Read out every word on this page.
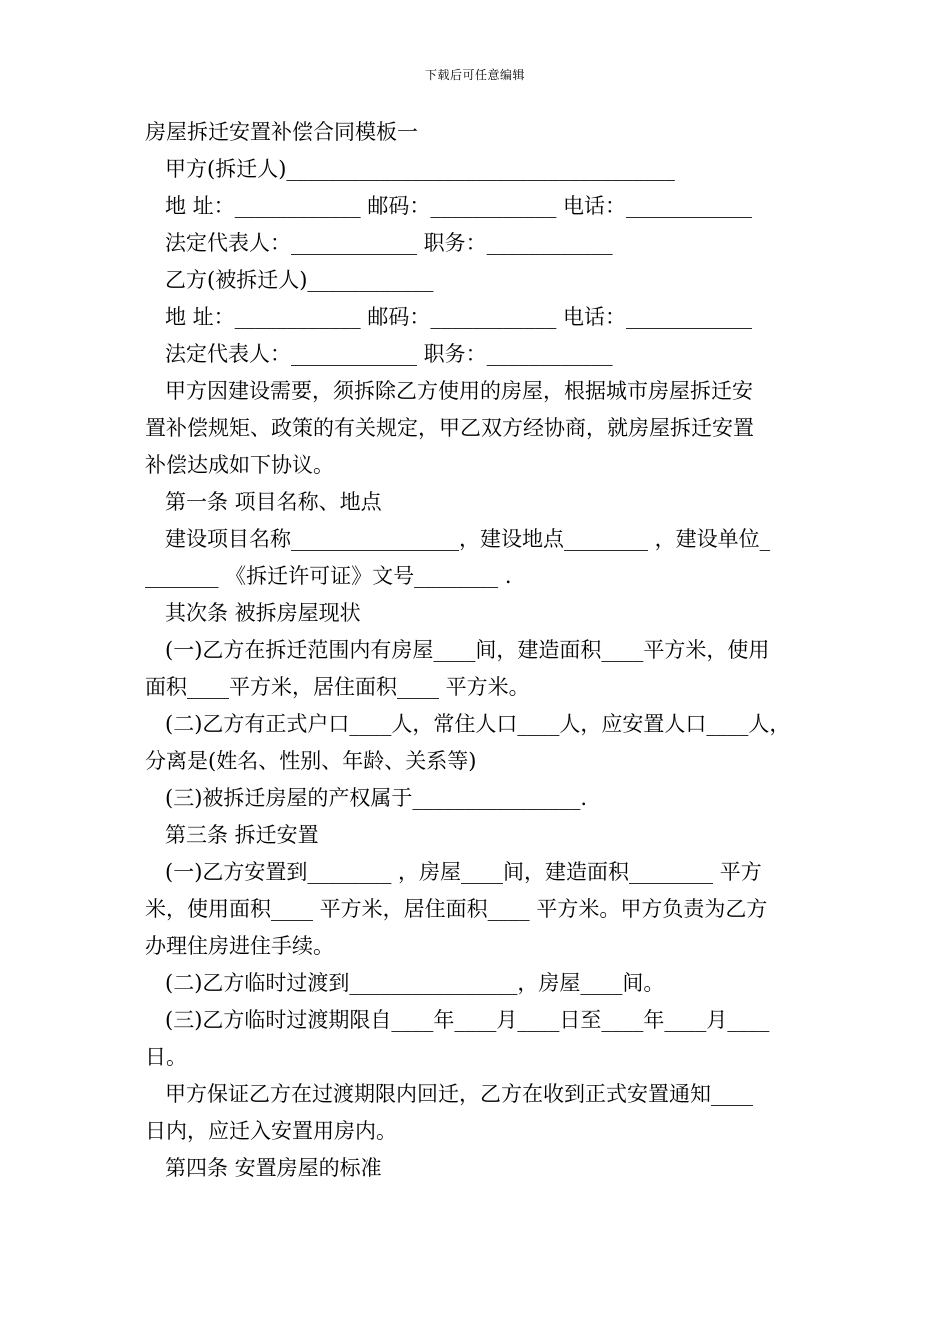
下载后可任意编辑

房屋拆迁安置补偿合同模板一

甲方(拆迁人)_____________________________________

地 址：____________ 邮码：____________ 电话：____________

法定代表人：____________ 职务：____________

乙方(被拆迁人)____________

地 址：____________ 邮码：____________ 电话：____________

法定代表人：____________ 职务：____________

甲方因建设需要，须拆除乙方使用的房屋，根据城市房屋拆迁安

置补偿规矩、政策的有关规定，甲乙双方经协商，就房屋拆迁安置

补偿达成如下协议。

第一条 项目名称、地点

建设项目名称________________，建设地点________ ，建设单位_

_______ 《拆迁许可证》文号________ .

其次条 被拆房屋现状

(一)乙方在拆迁范围内有房屋____间，建造面积____平方米，使用

面积____平方米，居住面积____ 平方米。

(二)乙方有正式户口____人，常住人口____人，应安置人口____人，

分离是(姓名、性别、年龄、关系等)

(三)被拆迁房屋的产权属于________________.

第三条 拆迁安置

(一)乙方安置到________ ，房屋____间，建造面积________ 平方

米，使用面积____ 平方米，居住面积____ 平方米。甲方负责为乙方

办理住房进住手续。

(二)乙方临时过渡到________________，房屋____间。

(三)乙方临时过渡期限自____年____月____日至____年____月____

日。

甲方保证乙方在过渡期限内回迁，乙方在收到正式安置通知____

日内，应迁入安置用房内。

第四条 安置房屋的标准
